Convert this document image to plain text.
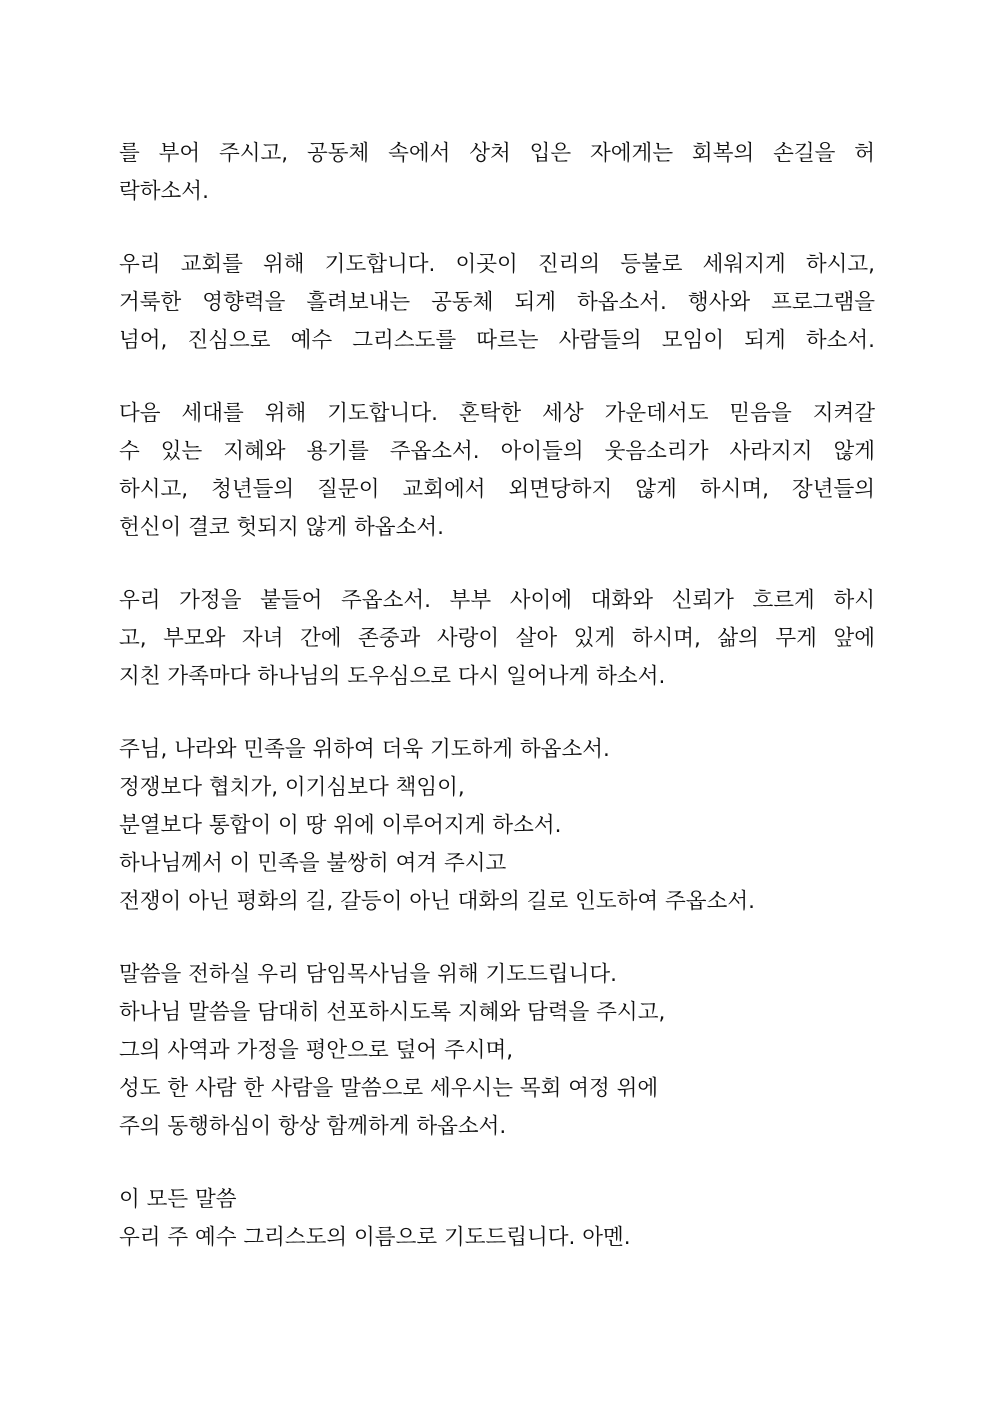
를 부어 주시고, 공동체 속에서 상처 입은 자에게는 회복의 손길을 허
락하소서.
우리 교회를 위해 기도합니다. 이곳이 진리의 등불로 세워지게 하시고,
거룩한 영향력을 흘려보내는 공동체 되게 하옵소서. 행사와 프로그램을
넘어, 진심으로 예수 그리스도를 따르는 사람들의 모임이 되게 하소서.
다음 세대를 위해 기도합니다. 혼탁한 세상 가운데서도 믿음을 지켜갈
수 있는 지혜와 용기를 주옵소서. 아이들의 웃음소리가 사라지지 않게
하시고, 청년들의 질문이 교회에서 외면당하지 않게 하시며, 장년들의
헌신이 결코 헛되지 않게 하옵소서.
우리 가정을 붙들어 주옵소서. 부부 사이에 대화와 신뢰가 흐르게 하시
고, 부모와 자녀 간에 존중과 사랑이 살아 있게 하시며, 삶의 무게 앞에
지친 가족마다 하나님의 도우심으로 다시 일어나게 하소서.
주님, 나라와 민족을 위하여 더욱 기도하게 하옵소서.
정쟁보다 협치가, 이기심보다 책임이,
분열보다 통합이 이 땅 위에 이루어지게 하소서.
하나님께서 이 민족을 불쌍히 여겨 주시고
전쟁이 아닌 평화의 길, 갈등이 아닌 대화의 길로 인도하여 주옵소서.
말씀을 전하실 우리 담임목사님을 위해 기도드립니다.
하나님 말씀을 담대히 선포하시도록 지혜와 담력을 주시고,
그의 사역과 가정을 평안으로 덮어 주시며,
성도 한 사람 한 사람을 말씀으로 세우시는 목회 여정 위에
주의 동행하심이 항상 함께하게 하옵소서.
이 모든 말씀
우리 주 예수 그리스도의 이름으로 기도드립니다. 아멘.
